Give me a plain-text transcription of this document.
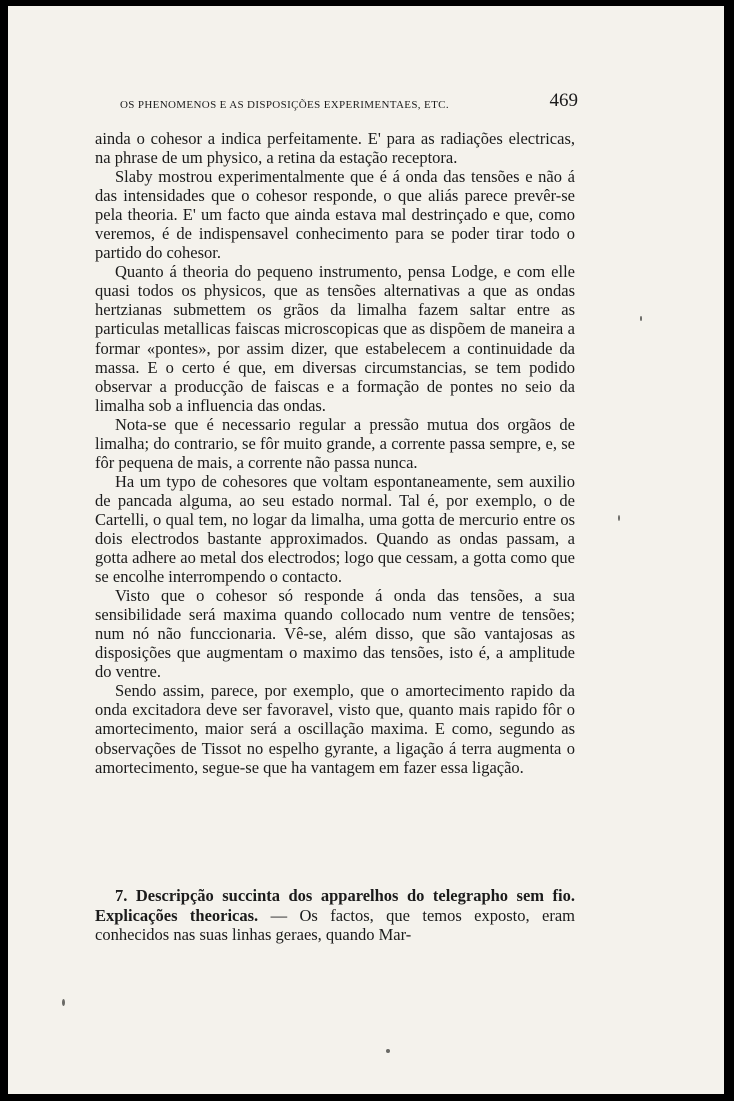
OS PHENOMENOS E AS DISPOSIÇÕES EXPERIMENTAES, ETC.	469

ainda o cohesor a indica perfeitamente. E' para as radiações electricas, na phrase de um physico, a retina da estação receptora.

Slaby mostrou experimentalmente que é á onda das tensões e não á das intensidades que o cohesor responde, o que aliás parece prevêr-se pela theoria. E' um facto que ainda estava mal destrinçado e que, como veremos, é de indispensavel conhecimento para se poder tirar todo o partido do cohesor.

Quanto á theoria do pequeno instrumento, pensa Lodge, e com elle quasi todos os physicos, que as tensões alternativas a que as ondas hertzianas submettem os grãos da limalha fazem saltar entre as particulas metallicas faiscas microscopicas que as dispõem de maneira a formar «pontes», por assim dizer, que estabelecem a continuidade da massa. E o certo é que, em diversas circumstancias, se tem podido observar a producção de faiscas e a formação de pontes no seio da limalha sob a influencia das ondas.

Nota-se que é necessario regular a pressão mutua dos orgãos de limalha; do contrario, se fôr muito grande, a corrente passa sempre, e, se fôr pequena de mais, a corrente não passa nunca.

Ha um typo de cohesores que voltam espontaneamente, sem auxilio de pancada alguma, ao seu estado normal. Tal é, por exemplo, o de Cartelli, o qual tem, no logar da limalha, uma gotta de mercurio entre os dois electrodos bastante approximados. Quando as ondas passam, a gotta adhere ao metal dos electrodos; logo que cessam, a gotta como que se encolhe interrompendo o contacto.

Visto que o cohesor só responde á onda das tensões, a sua sensibilidade será maxima quando collocado num ventre de tensões; num nó não funccionaria. Vê-se, além disso, que são vantajosas as disposições que augmentam o maximo das tensões, isto é, a amplitude do ventre.

Sendo assim, parece, por exemplo, que o amortecimento rapido da onda excitadora deve ser favoravel, visto que, quanto mais rapido fôr o amortecimento, maior será a oscillação maxima. E como, segundo as observações de Tissot no espelho gyrante, a ligação á terra augmenta o amortecimento, segue-se que ha vantagem em fazer essa ligação.

7. Descripção succinta dos apparelhos do telegrapho sem fio. Explicações theoricas. — Os factos, que temos exposto, eram conhecidos nas suas linhas geraes, quando Mar-
